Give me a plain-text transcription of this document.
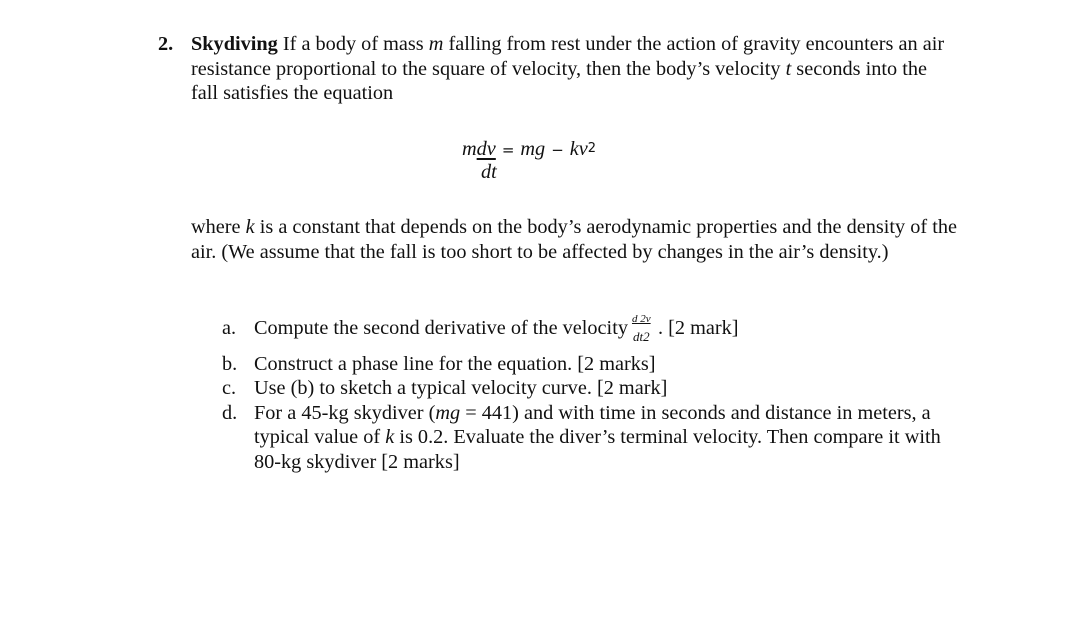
2. Skydiving If a body of mass m falling from rest under the action of gravity encounters an air resistance proportional to the square of velocity, then the body’s velocity t seconds into the fall satisfies the equation
mdv = mg − kv2
dt
where k is a constant that depends on the body’s aerodynamic properties and the density of the air. (We assume that the fall is too short to be affected by changes in the air’s density.)
a. Compute the second derivative of the velocity $\frac{d 2v}{dt2}$ . [2 mark]
b. Construct a phase line for the equation. [2 marks]
c. Use (b) to sketch a typical velocity curve. [2 mark]
d. For a 45-kg skydiver (mg = 441) and with time in seconds and distance in meters, a typical value of k is 0.2. Evaluate the diver’s terminal velocity. Then compare it with 80-kg skydiver [2 marks]
